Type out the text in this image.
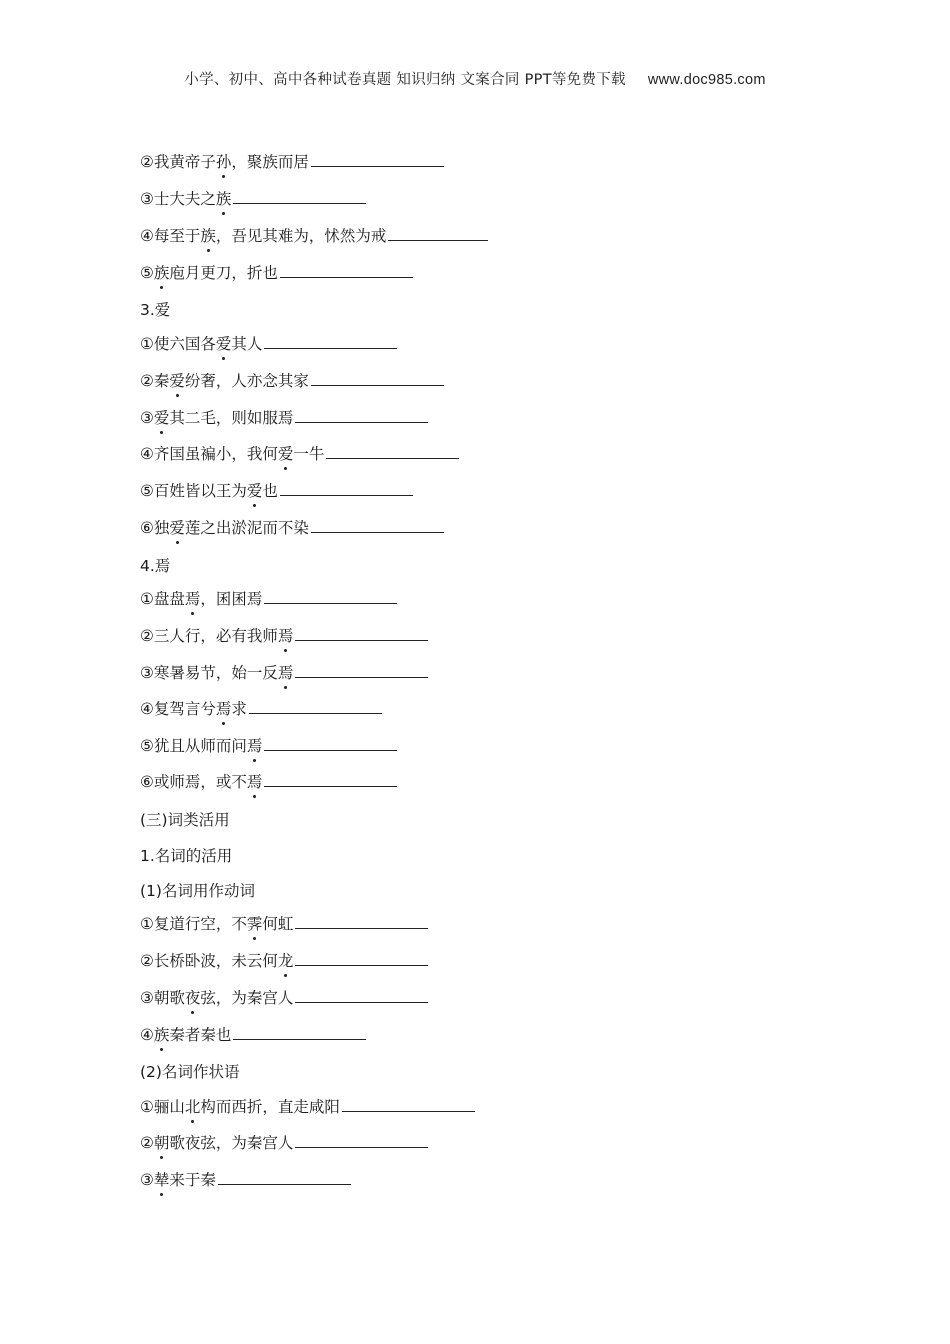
小学、初中、高中各种试卷真题 知识归纳 文案合同 PPT等免费下载 www.doc985.com
②我黄帝子孙，聚族而居
③士大夫之族
④每至于族，吾见其难为，怵然为戒
⑤族庖月更刀，折也
3.爱
①使六国各爱其人
②秦爱纷奢，人亦念其家
③爱其二毛，则如服焉
④齐国虽褊小，我何爱一牛
⑤百姓皆以王为爱也
⑥独爱莲之出淤泥而不染
4.焉
①盘盘焉，囷囷焉
②三人行，必有我师焉
③寒暑易节，始一反焉
④复驾言兮焉求
⑤犹且从师而问焉
⑥或师焉，或不焉
(三)词类活用
1.名词的活用
(1)名词用作动词
①复道行空，不霁何虹
②长桥卧波，未云何龙
③朝歌夜弦，为秦宫人
④族秦者秦也
(2)名词作状语
①骊山北构而西折，直走咸阳
②朝歌夜弦，为秦宫人
③辇来于秦
